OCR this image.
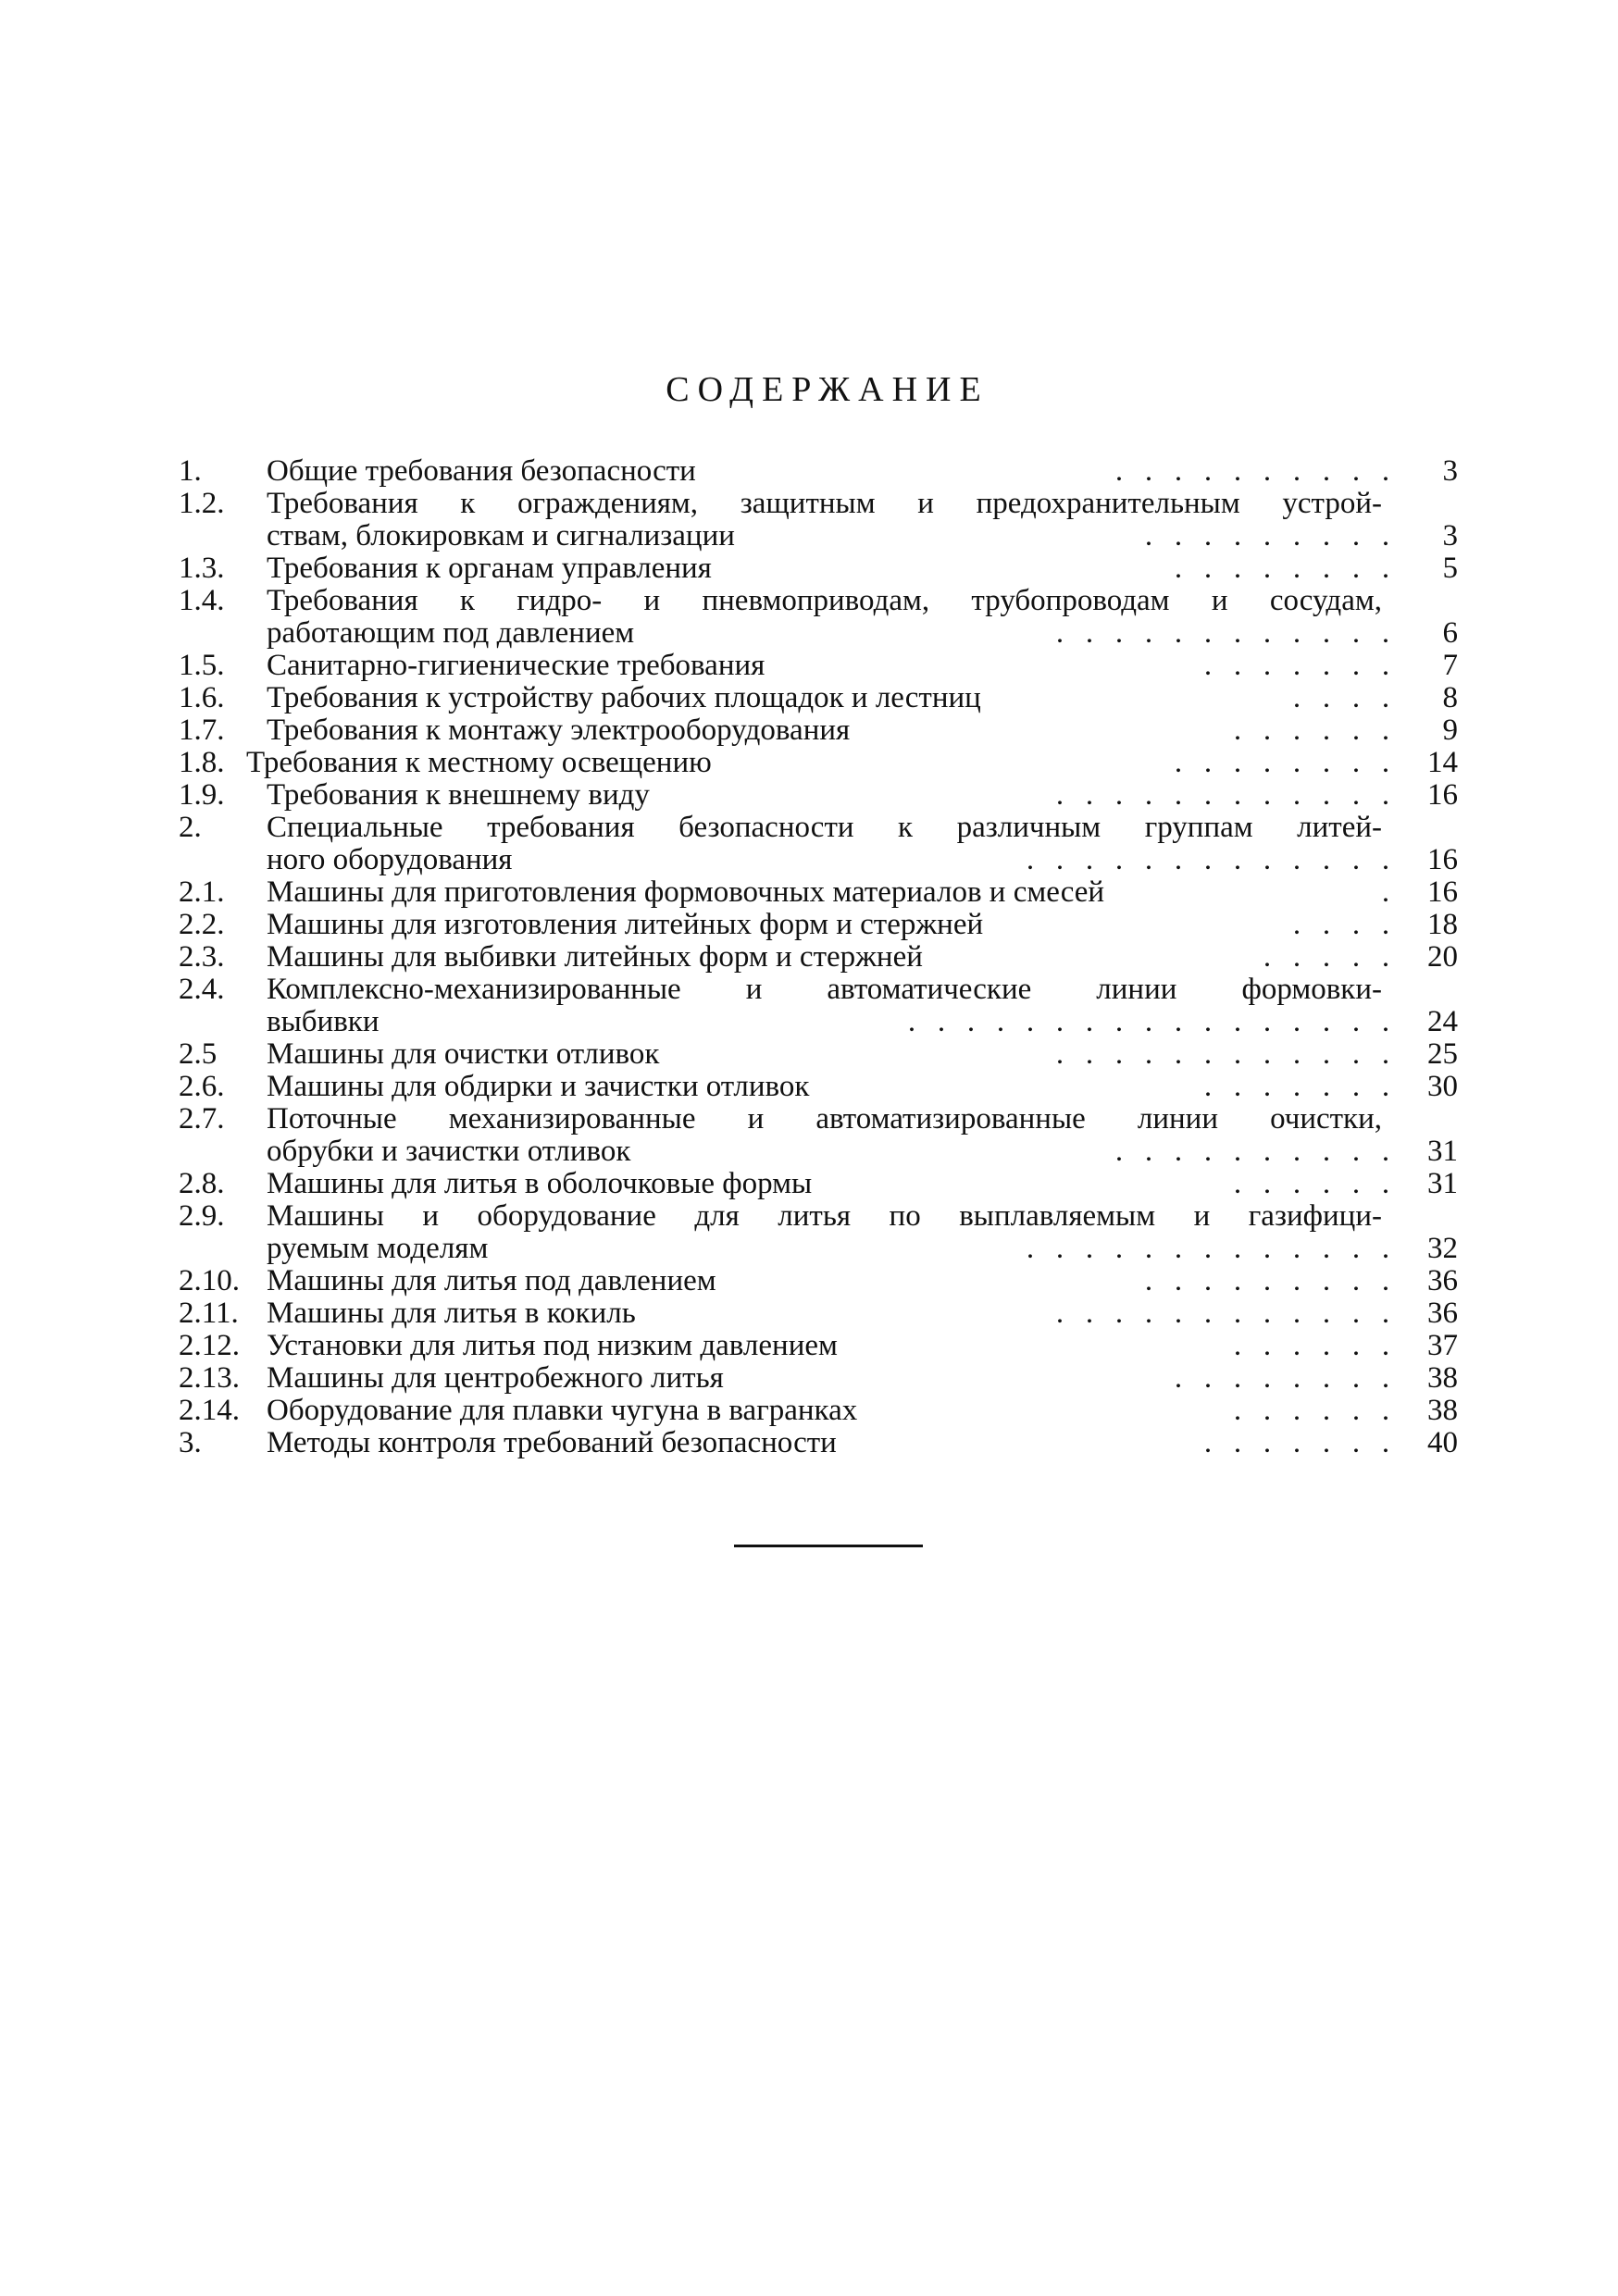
СОДЕРЖАНИЕ
1. Общие требования безопасности	. . . . . . . . . .	3
1.2. Требования к ограждениям, защитным и предохранительным устрой-
ствам, блокировкам и сигнализации	. . . . . . . . .	3
1.3. Требования к органам управления	. . . . . . . .	5
1.4. Требования к гидро- и пневмоприводам, трубопроводам и сосудам,
работающим под давлением	. . . . . . . . . . . .	6
1.5. Санитарно-гигиенические требования	. . . . . . .	7
1.6. Требования к устройству рабочих площадок и лестниц	. . . .	8
1.7. Требования к монтажу электрооборудования	. . . . . .	9
1.8. Требования к местному освещению	. . . . . . . .	14
1.9. Требования к внешнему виду	. . . . . . . . . . . .	16
2. Специальные требования безопасности к различным группам литей-
ного оборудования	. . . . . . . . . . . . .	16
2.1. Машины для приготовления формовочных материалов и смесей	.	16
2.2. Машины для изготовления литейных форм и стержней	. . . .	18
2.3. Машины для выбивки литейных форм и стержней	. . . . .	20
2.4. Комплексно-механизированные и автоматические линии формовки-
выбивки	. . . . . . . . . . . . . . . . .	24
2.5 Машины для очистки отливок	. . . . . . . . . . . .	25
2.6. Машины для обдирки и зачистки отливок	. . . . . . .	30
2.7. Поточные механизированные и автоматизированные линии очистки,
обрубки и зачистки отливок	. . . . . . . . . .	31
2.8. Машины для литья в оболочковые формы	. . . . . .	31
2.9. Машины и оборудование для литья по выплавляемым и газифици-
руемым моделям	. . . . . . . . . . . . .	32
2.10. Машины для литья под давлением	. . . . . . . . .	36
2.11. Машины для литья в кокиль	. . . . . . . . . . . .	36
2.12. Установки для литья под низким давлением	. . . . . .	37
2.13. Машины для центробежного литья	. . . . . . . .	38
2.14. Оборудование для плавки чугуна в вагранках	. . . . . .	38
3. Методы контроля требований безопасности	. . . . . . .	40
